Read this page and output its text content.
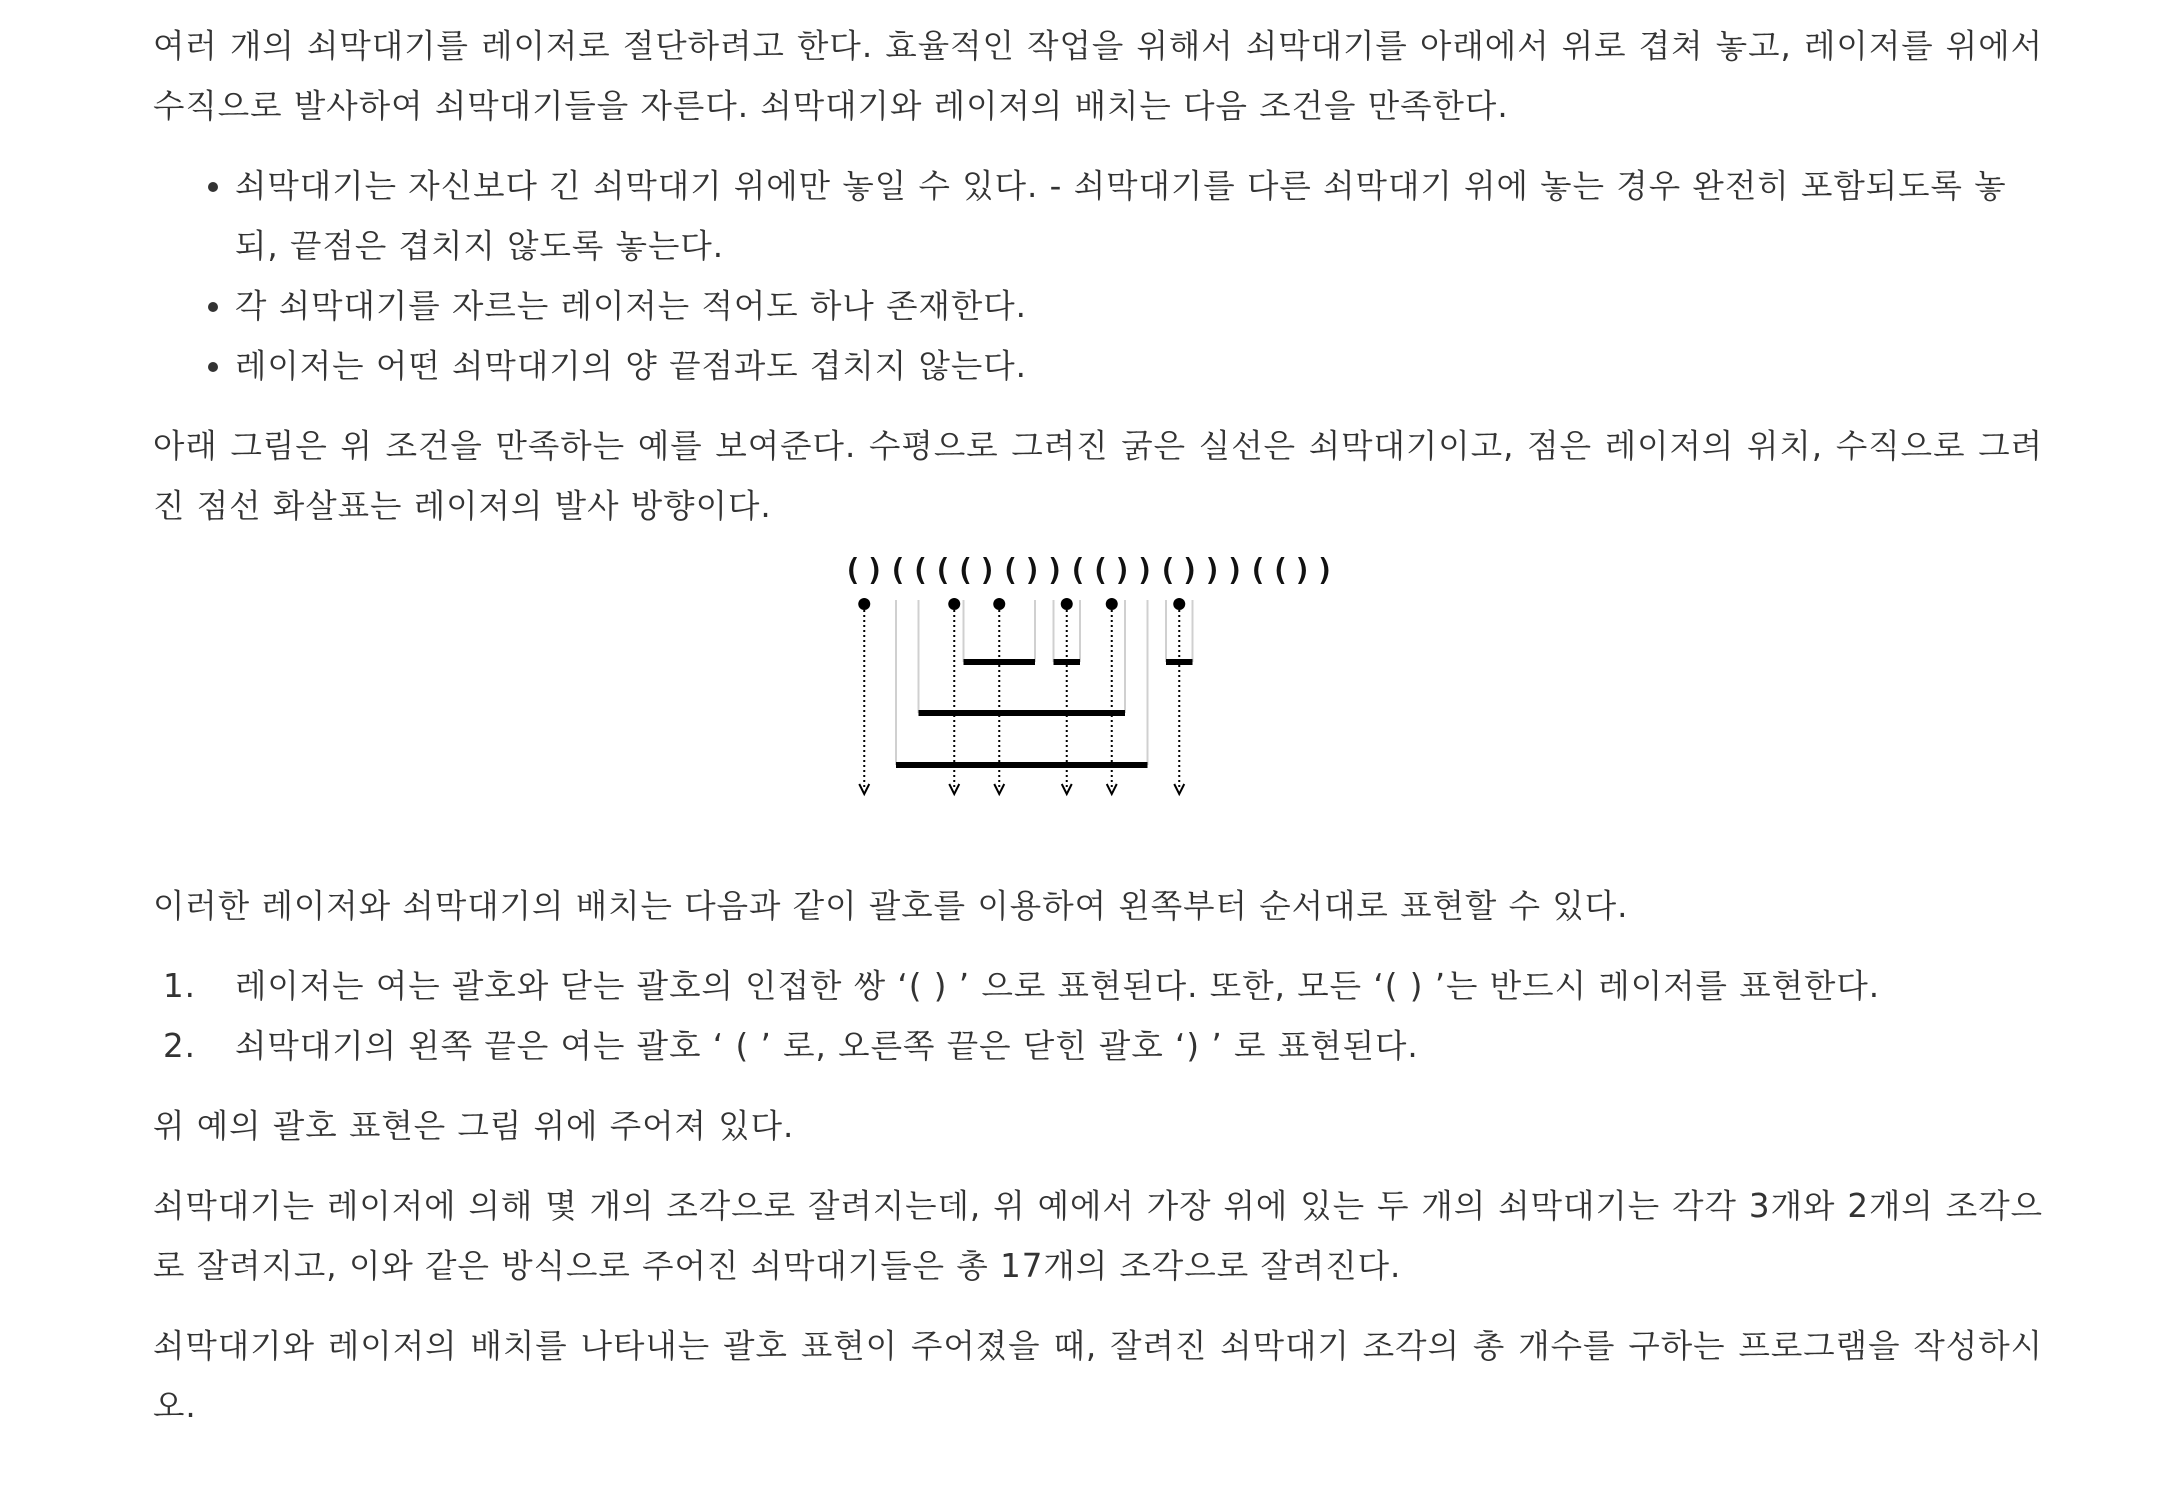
여러 개의 쇠막대기를 레이저로 절단하려고 한다. 효율적인 작업을 위해서 쇠막대기를 아래에서 위로 겹쳐 놓고, 레이저를 위에서 수직으로 발사하여 쇠막대기들을 자른다. 쇠막대기와 레이저의 배치는 다음 조건을 만족한다.

• 쇠막대기는 자신보다 긴 쇠막대기 위에만 놓일 수 있다. - 쇠막대기를 다른 쇠막대기 위에 놓는 경우 완전히 포함되도록 놓되, 끝점은 겹치지 않도록 놓는다.
• 각 쇠막대기를 자르는 레이저는 적어도 하나 존재한다.
• 레이저는 어떤 쇠막대기의 양 끝점과도 겹치지 않는다.

아래 그림은 위 조건을 만족하는 예를 보여준다. 수평으로 그려진 굵은 실선은 쇠막대기이고, 점은 레이저의 위치, 수직으로 그려진 점선 화살표는 레이저의 발사 방향이다.

( ) ( ( ( ( ) ( ) ) ( ( ) ) ( ) ) ) ( ( ) )

이러한 레이저와 쇠막대기의 배치는 다음과 같이 괄호를 이용하여 왼쪽부터 순서대로 표현할 수 있다.

1.	레이저는 여는 괄호와 닫는 괄호의 인접한 쌍 ‘( ) ’ 으로 표현된다. 또한, 모든 ‘( ) ’는 반드시 레이저를 표현한다.
2.	쇠막대기의 왼쪽 끝은 여는 괄호 ‘ ( ’ 로, 오른쪽 끝은 닫힌 괄호 ‘) ’ 로 표현된다.

위 예의 괄호 표현은 그림 위에 주어져 있다.

쇠막대기는 레이저에 의해 몇 개의 조각으로 잘려지는데, 위 예에서 가장 위에 있는 두 개의 쇠막대기는 각각 3개와 2개의 조각으로 잘려지고, 이와 같은 방식으로 주어진 쇠막대기들은 총 17개의 조각으로 잘려진다.

쇠막대기와 레이저의 배치를 나타내는 괄호 표현이 주어졌을 때, 잘려진 쇠막대기 조각의 총 개수를 구하는 프로그램을 작성하시오.
